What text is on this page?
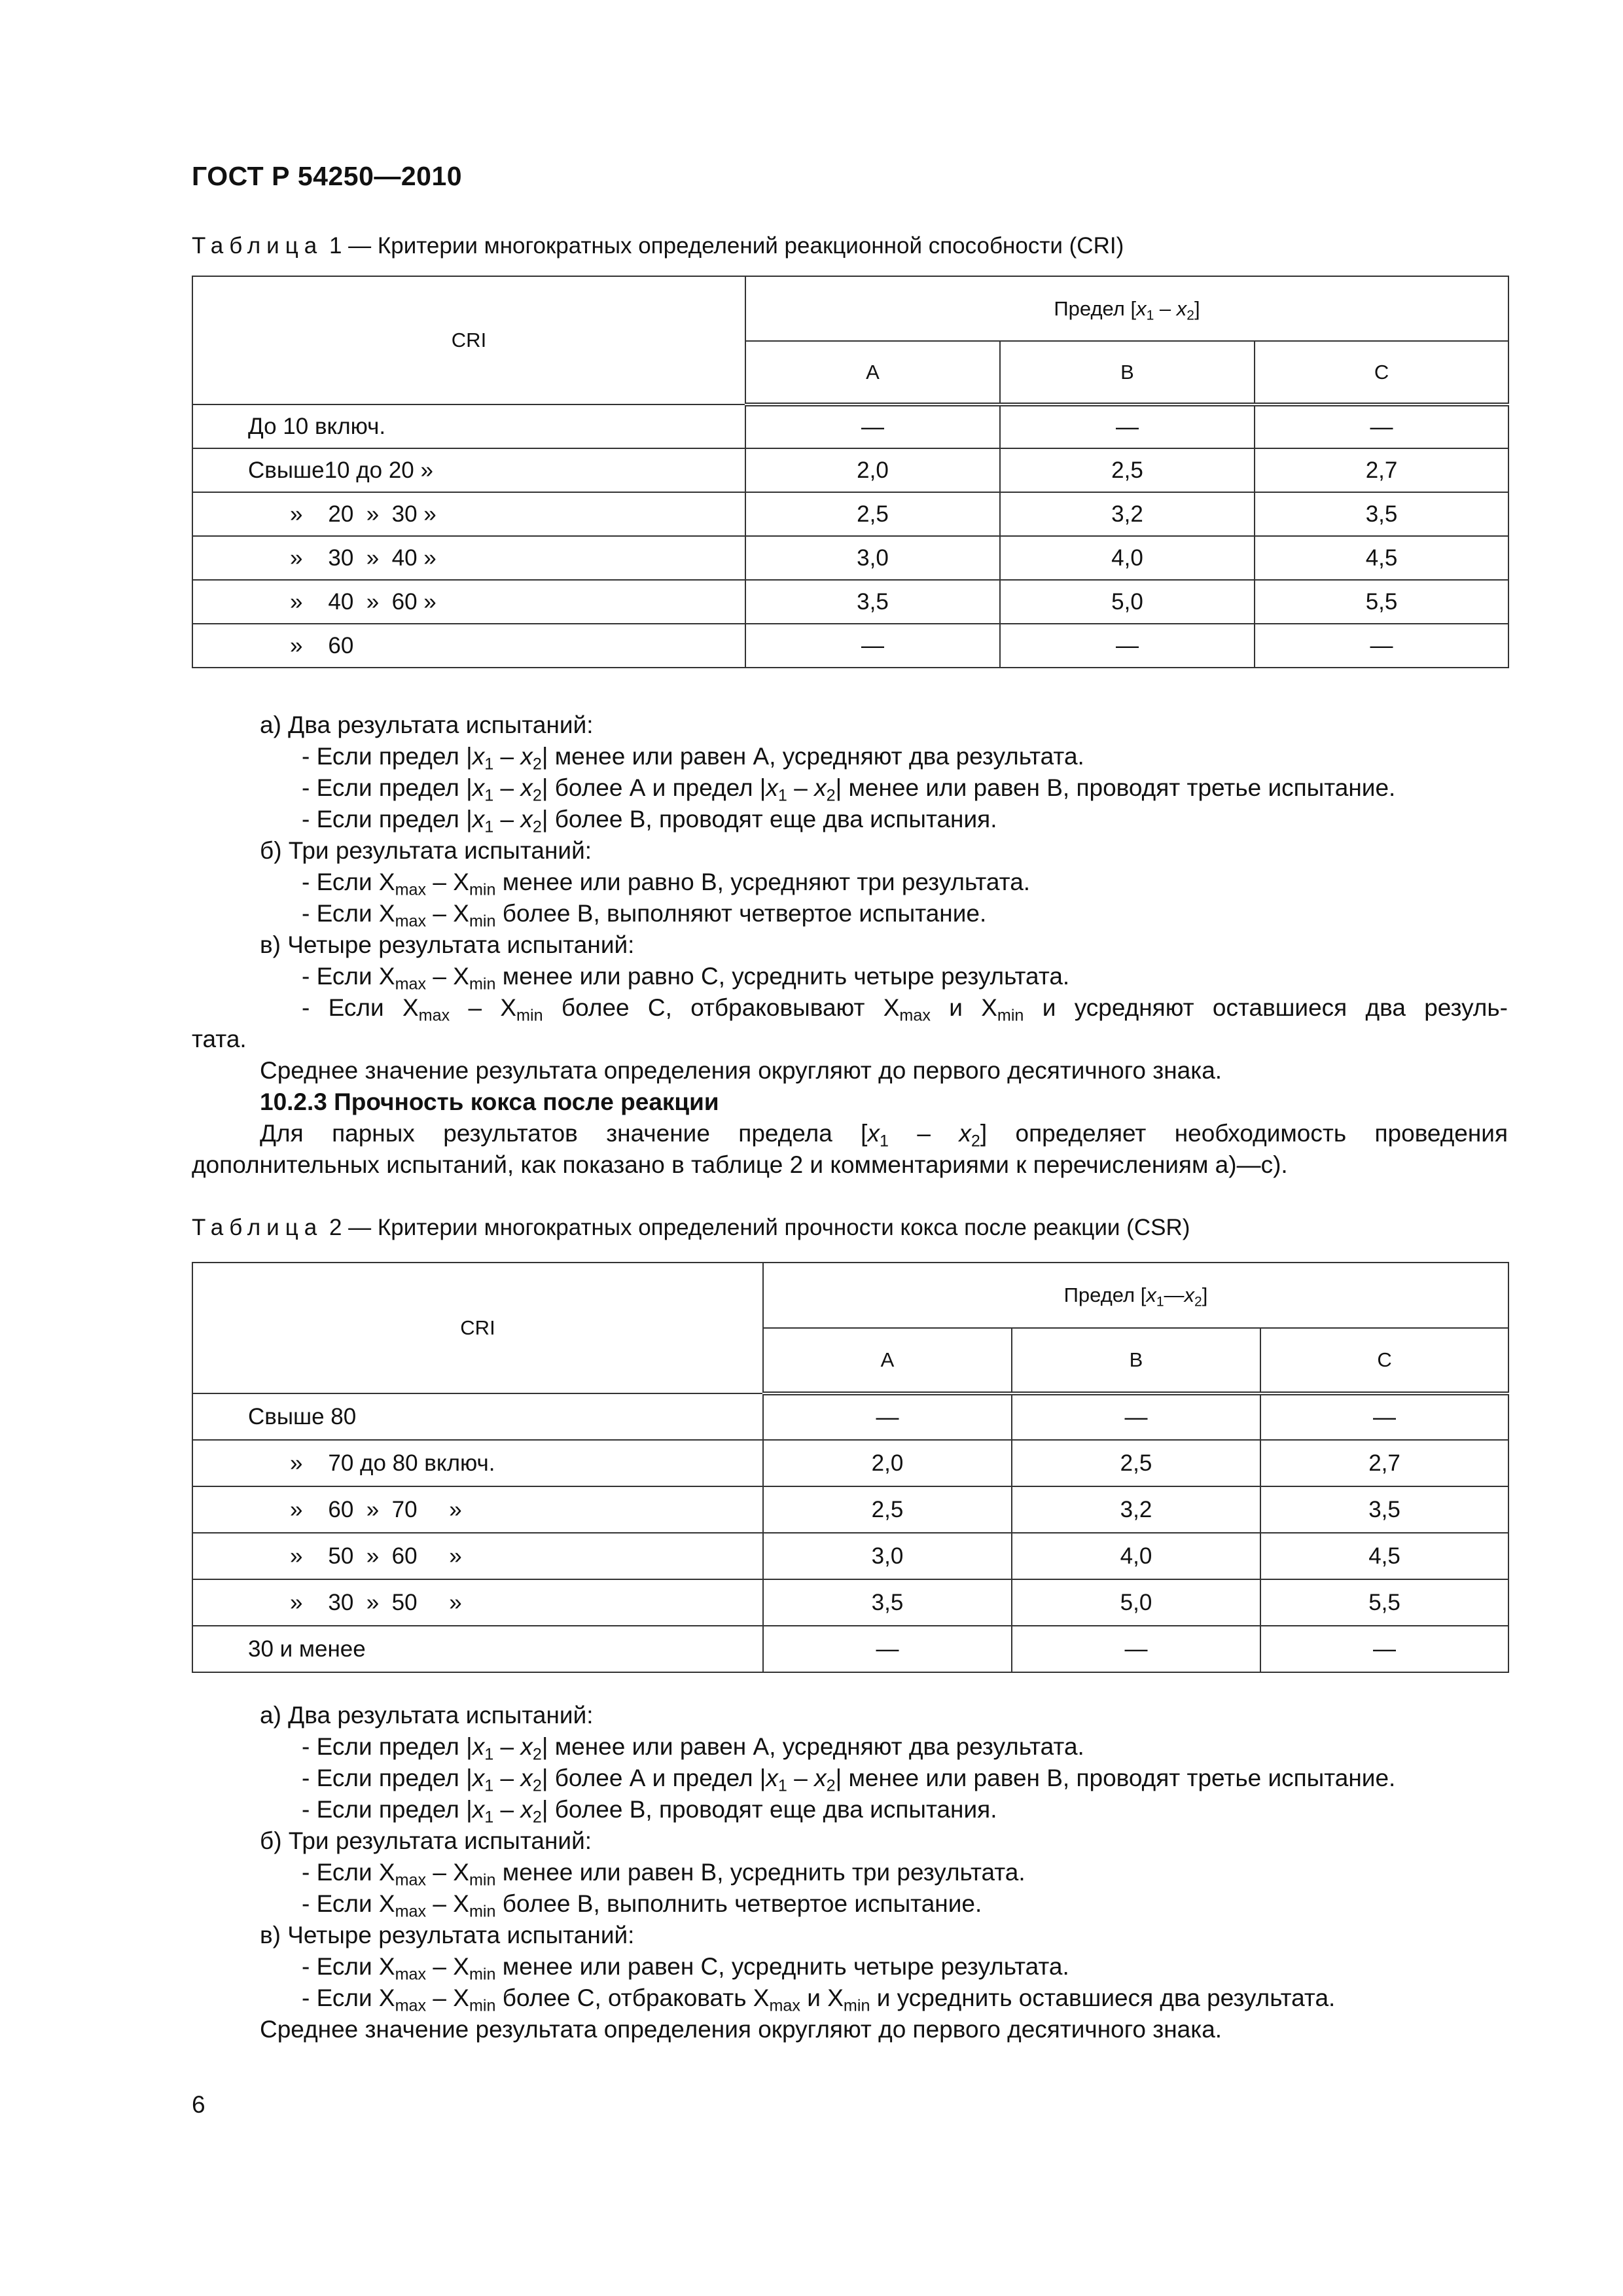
ГОСТ Р 54250—2010
Таблица 1 — Критерии многократных определений реакционной способности (CRI)
CRI	Предел $[x_1 - x_2]$		
	A	B	C
До 10 включ.	—	—	—
Свыше10 до 20 »	2,0	2,5	2,7
»    20  »  30 »	2,5	3,2	3,5
»    30  »  40 »	3,0	4,0	4,5
»    40  »  60 »	3,5	5,0	5,5
»    60	—	—	—

а) Два результата испытаний:

- Если предел $|x_1 - x_2|$ менее или равен А, усредняют два результата.

- Если предел $|x_1 - x_2|$ более А и предел $|x_1 - x_2|$ менее или равен В, проводят третье испытание.

- Если предел $|x_1 - x_2|$ более В, проводят еще два испытания.

б) Три результата испытаний:

- Если $X_{max} - X_{min}$ менее или равно В, усредняют три результата.

- Если $X_{max} - X_{min}$ более В, выполняют четвертое испытание.

в) Четыре результата испытаний:

- Если $X_{max} - X_{min}$ менее или равно С, усреднить четыре результата.

- Если $X_{max} - X_{min}$ более С, отбраковывают $X_{max}$ и $X_{min}$ и усредняют оставшиеся два резуль-

тата.

Среднее значение результата определения округляют до первого десятичного знака.

10.2.3 Прочность кокса после реакции

Для парных результатов значение предела $[x_1 - x_2]$ определяет необходимость проведения

дополнительных испытаний, как показано в таблице 2 и комментариями к перечислениям а)—с).

Таблица 2 — Критерии многократных определений прочности кокса после реакции (CSR)
CRI	Предел $[x_1—x_2]$		
	A	B	C
Свыше 80	—	—	—
»    70 до 80 включ.	2,0	2,5	2,7
»    60  »  70     »	2,5	3,2	3,5
»    50  »  60     »	3,0	4,0	4,5
»    30  »  50     »	3,5	5,0	5,5
30 и менее	—	—	—

а) Два результата испытаний:

- Если предел $|x_1 - x_2|$ менее или равен А, усредняют два результата.

- Если предел $|x_1 - x_2|$ более А и предел $|x_1 - x_2|$ менее или равен В, проводят третье испытание.

- Если предел $|x_1 - x_2|$ более В, проводят еще два испытания.

б) Три результата испытаний:

- Если $X_{max} - X_{min}$ менее или равен В, усреднить три результата.

- Если $X_{max} - X_{min}$ более В, выполнить четвертое испытание.

в) Четыре результата испытаний:

- Если $X_{max} - X_{min}$ менее или равен С, усреднить четыре результата.

- Если $X_{max} - X_{min}$ более С, отбраковать $X_{max}$ и $X_{min}$ и усреднить оставшиеся два результата.

Среднее значение результата определения округляют до первого десятичного знака.

6
